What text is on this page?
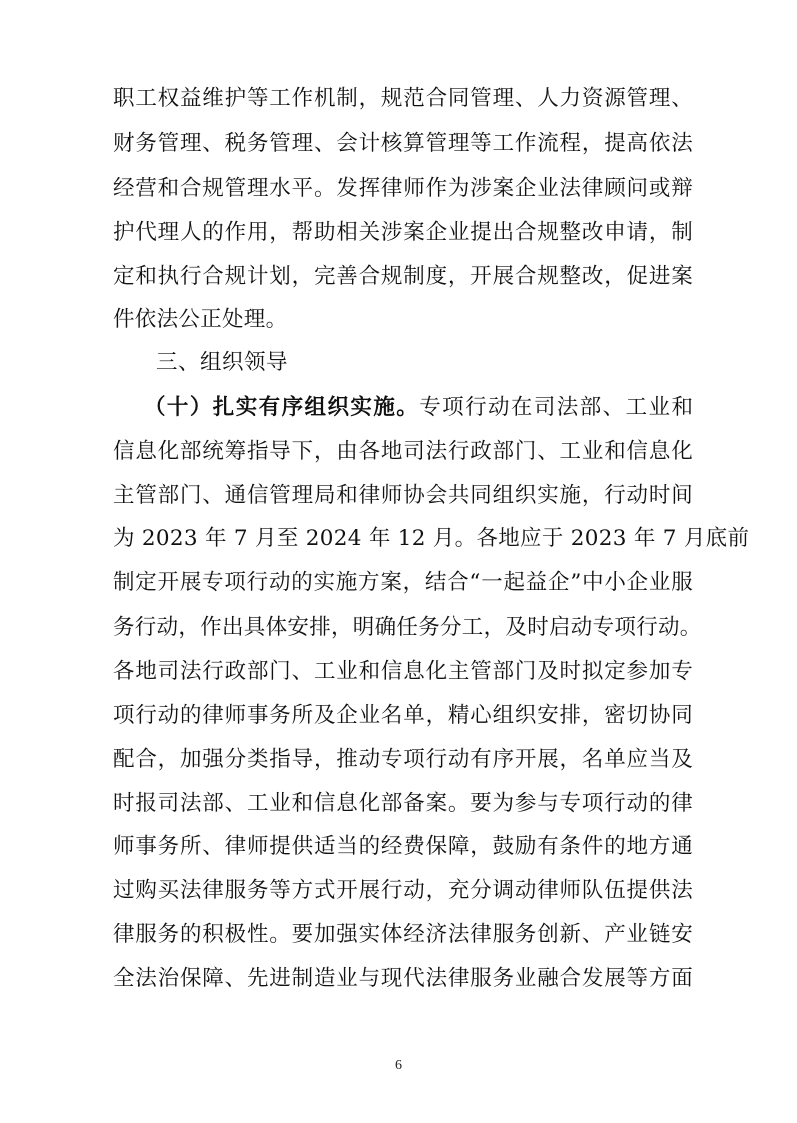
职工权益维护等工作机制，规范合同管理、人力资源管理、
财务管理、税务管理、会计核算管理等工作流程，提高依法
经营和合规管理水平。发挥律师作为涉案企业法律顾问或辩
护代理人的作用，帮助相关涉案企业提出合规整改申请，制
定和执行合规计划，完善合规制度，开展合规整改，促进案
件依法公正处理。
三、组织领导
（十）扎实有序组织实施。专项行动在司法部、工业和
信息化部统筹指导下，由各地司法行政部门、工业和信息化
主管部门、通信管理局和律师协会共同组织实施，行动时间
为 2023 年 7 月至 2024 年 12 月。各地应于 2023 年 7 月底前
制定开展专项行动的实施方案，结合“一起益企”中小企业服
务行动，作出具体安排，明确任务分工，及时启动专项行动。
各地司法行政部门、工业和信息化主管部门及时拟定参加专
项行动的律师事务所及企业名单，精心组织安排，密切协同
配合，加强分类指导，推动专项行动有序开展，名单应当及
时报司法部、工业和信息化部备案。要为参与专项行动的律
师事务所、律师提供适当的经费保障，鼓励有条件的地方通
过购买法律服务等方式开展行动，充分调动律师队伍提供法
律服务的积极性。要加强实体经济法律服务创新、产业链安
全法治保障、先进制造业与现代法律服务业融合发展等方面
6
